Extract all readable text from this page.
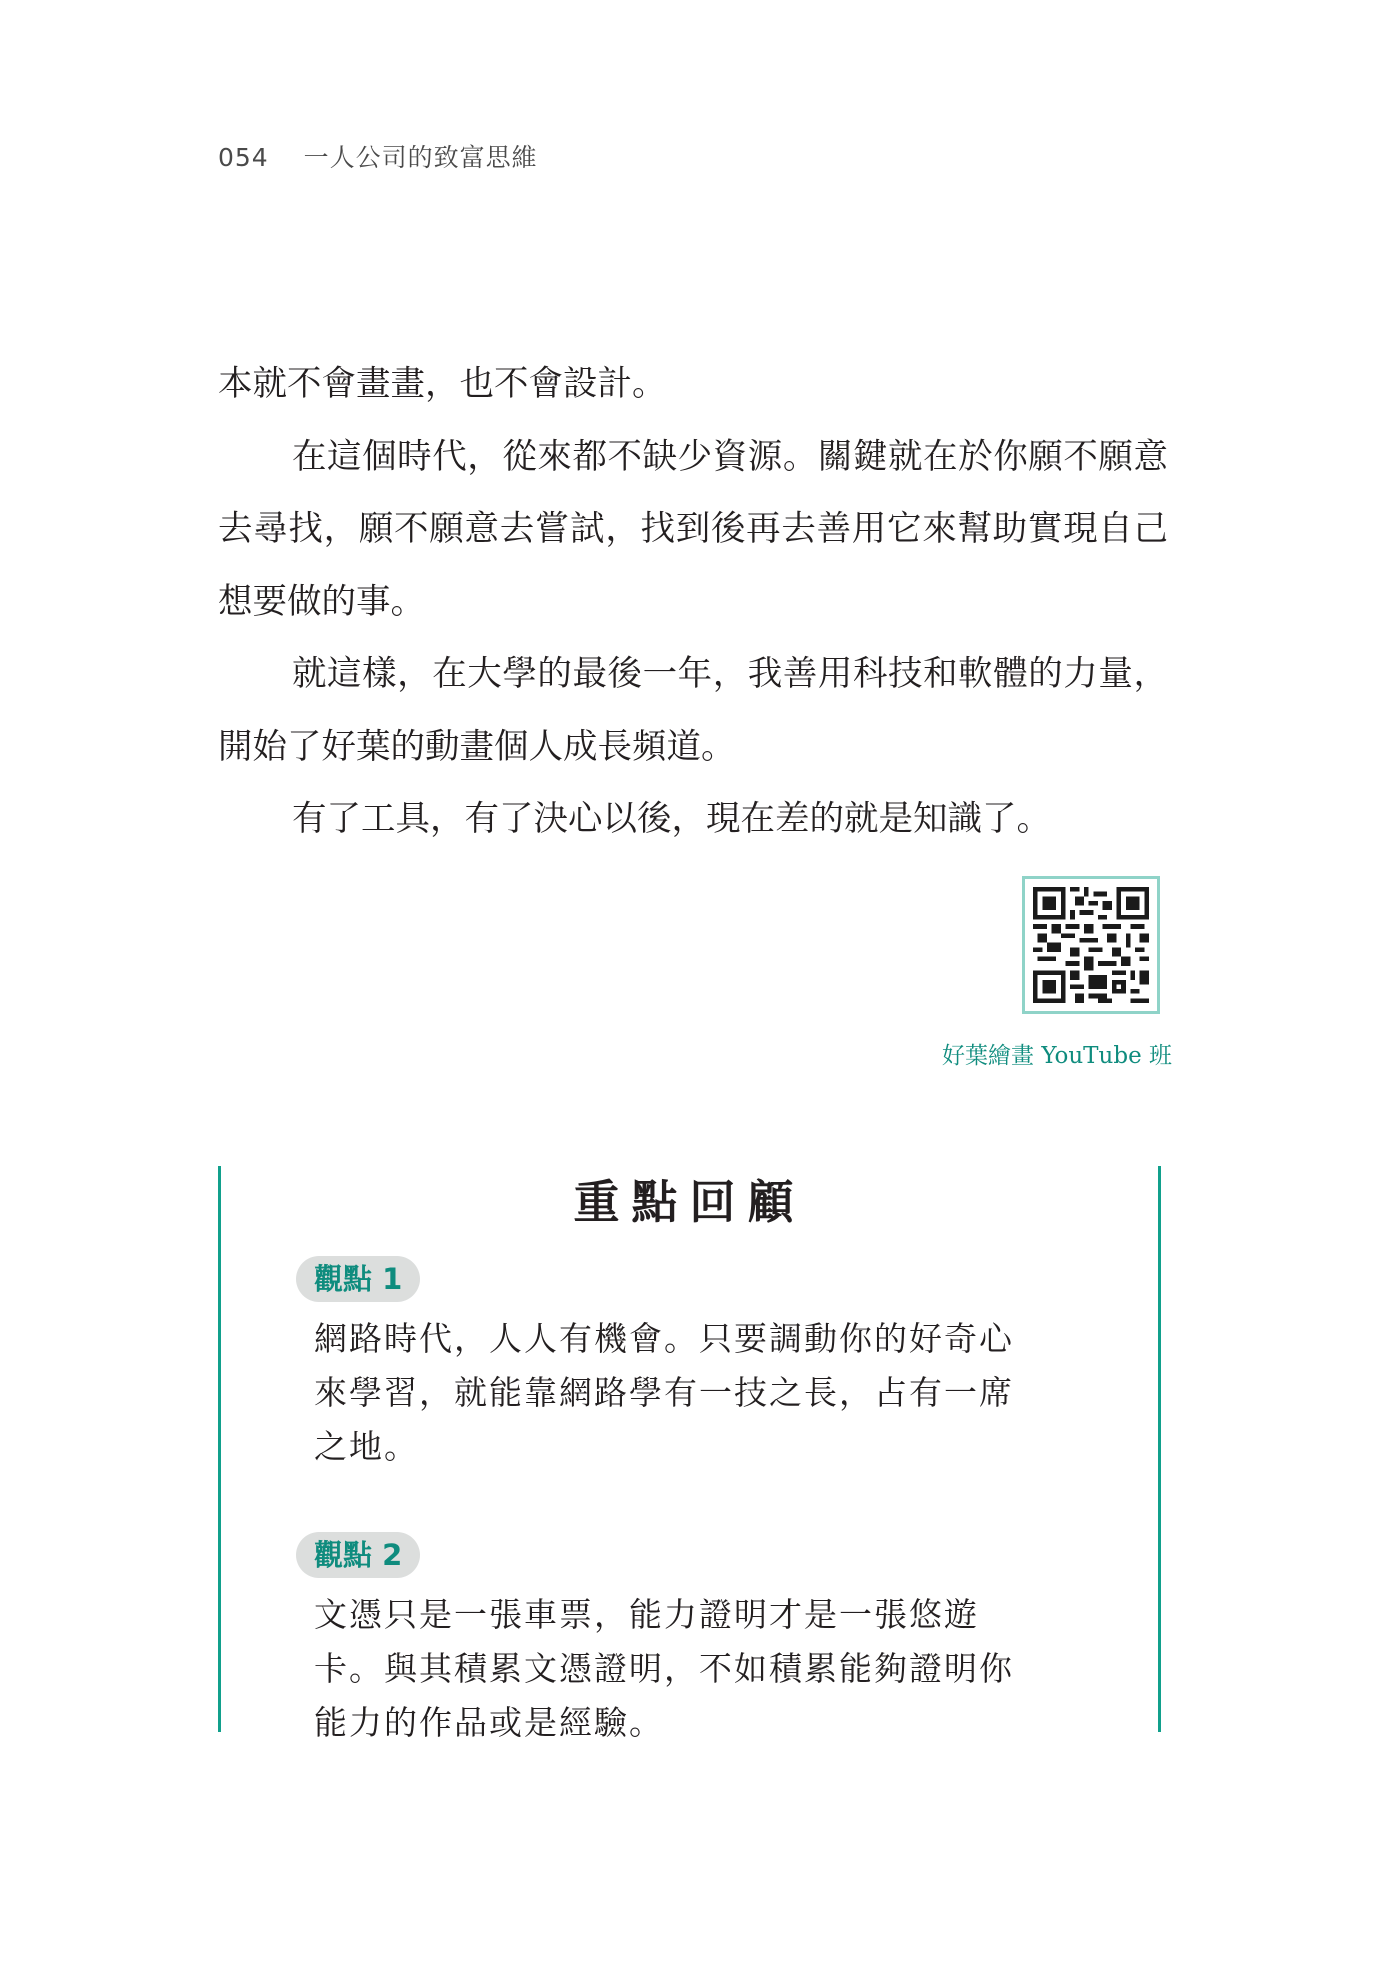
054 一人公司的致富思維

本就不會畫畫，也不會設計。

在這個時代，從來都不缺少資源。關鍵就在於你願不願意去尋找，願不願意去嘗試，找到後再去善用它來幫助實現自己想要做的事。

就這樣，在大學的最後一年，我善用科技和軟體的力量，開始了好葉的動畫個人成長頻道。

有了工具，有了決心以後，現在差的就是知識了。

好葉繪畫 YouTube 班
重點回顧
觀點 1

網路時代，人人有機會。只要調動你的好奇心

來學習，就能靠網路學有一技之長，占有一席

之地。

觀點 2

文憑只是一張車票，能力證明才是一張悠遊

卡。與其積累文憑證明，不如積累能夠證明你

能力的作品或是經驗。
